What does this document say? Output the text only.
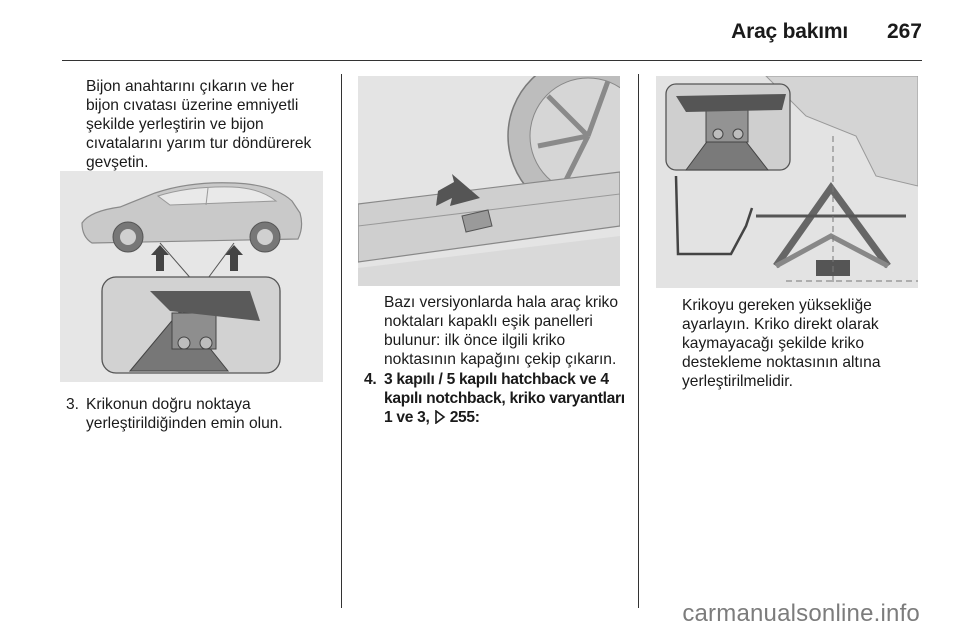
Araç bakımı 267
Bijon anahtarını çıkarın ve her
bijon cıvatası üzerine emniyetli
şekilde yerleştirin ve bijon
cıvatalarını yarım tur döndürerek
gevşetin.
3. Krikonun doğru noktaya
yerleştirildiğinden emin olun.
Bazı versiyonlarda hala araç kriko
noktaları kapaklı eşik panelleri
bulunur: ilk önce ilgili kriko
noktasının kapağını çekip çıkarın.
4. 3 kapılı / 5 kapılı hatchback ve 4
kapılı notchback, kriko varyantları
1 ve 3, 255:
Krikoyu gereken yüksekliğe
ayarlayın. Kriko direkt olarak
kaymayacağı şekilde kriko
destekleme noktasının altına
yerleştirilmelidir.
carmanualsonline.info
